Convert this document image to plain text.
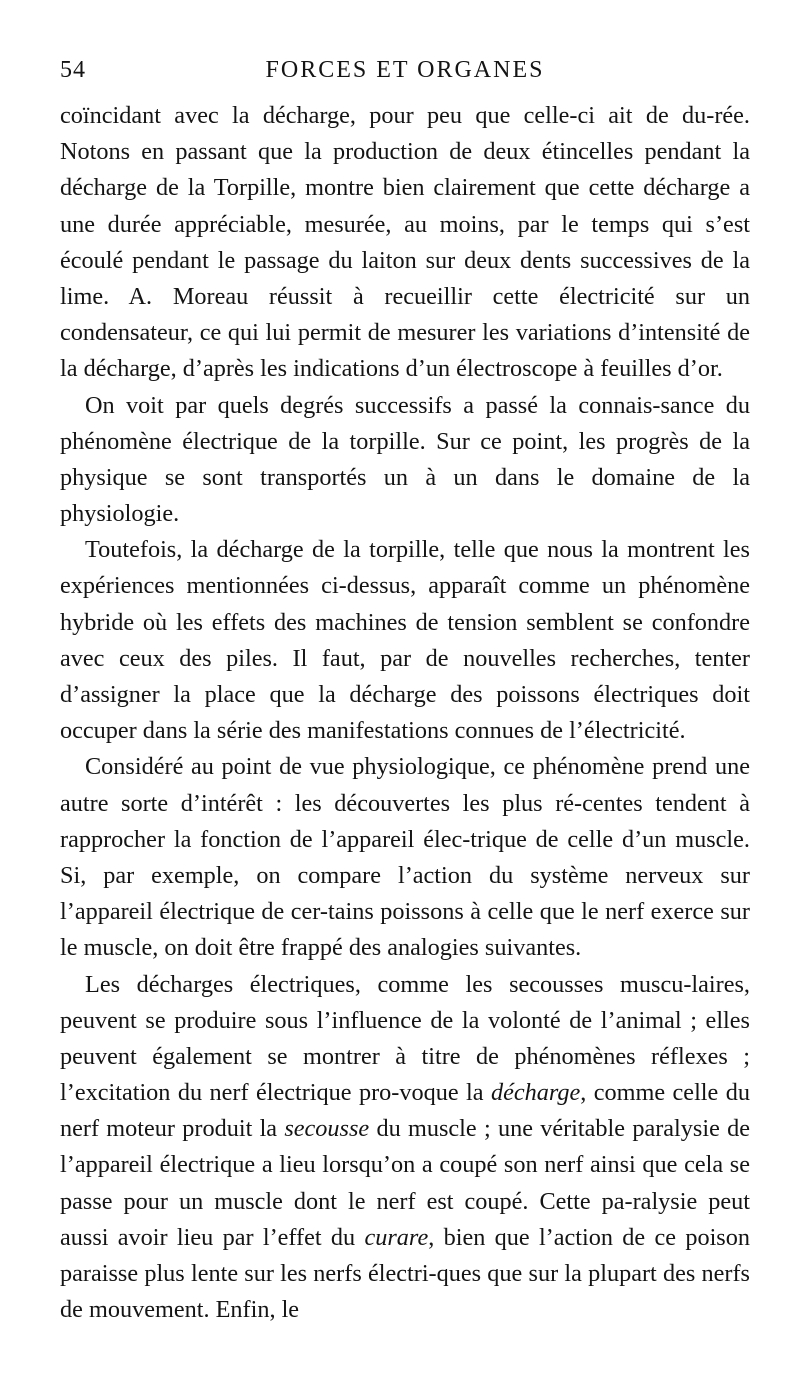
54	FORCES ET ORGANES

coïncidant avec la décharge, pour peu que celle-ci ait de du-rée. Notons en passant que la production de deux étincelles pendant la décharge de la Torpille, montre bien clairement que cette décharge a une durée appréciable, mesurée, au moins, par le temps qui s’est écoulé pendant le passage du laiton sur deux dents successives de la lime. A. Moreau réussit à recueillir cette électricité sur un condensateur, ce qui lui permit de mesurer les variations d’intensité de la décharge, d’après les indications d’un électroscope à feuilles d’or.

On voit par quels degrés successifs a passé la connais-sance du phénomène électrique de la torpille. Sur ce point, les progrès de la physique se sont transportés un à un dans le domaine de la physiologie.

Toutefois, la décharge de la torpille, telle que nous la montrent les expériences mentionnées ci-dessus, apparaît comme un phénomène hybride où les effets des machines de tension semblent se confondre avec ceux des piles. Il faut, par de nouvelles recherches, tenter d’assigner la place que la décharge des poissons électriques doit occuper dans la série des manifestations connues de l’électricité.

Considéré au point de vue physiologique, ce phénomène prend une autre sorte d’intérêt : les découvertes les plus ré-centes tendent à rapprocher la fonction de l’appareil élec-trique de celle d’un muscle. Si, par exemple, on compare l’action du système nerveux sur l’appareil électrique de cer-tains poissons à celle que le nerf exerce sur le muscle, on doit être frappé des analogies suivantes.

Les décharges électriques, comme les secousses muscu-laires, peuvent se produire sous l’influence de la volonté de l’animal ; elles peuvent également se montrer à titre de phénomènes réflexes ; l’excitation du nerf électrique pro-voque la décharge, comme celle du nerf moteur produit la secousse du muscle ; une véritable paralysie de l’appareil électrique a lieu lorsqu’on a coupé son nerf ainsi que cela se passe pour un muscle dont le nerf est coupé. Cette pa-ralysie peut aussi avoir lieu par l’effet du curare, bien que l’action de ce poison paraisse plus lente sur les nerfs électri-ques que sur la plupart des nerfs de mouvement. Enfin, le
